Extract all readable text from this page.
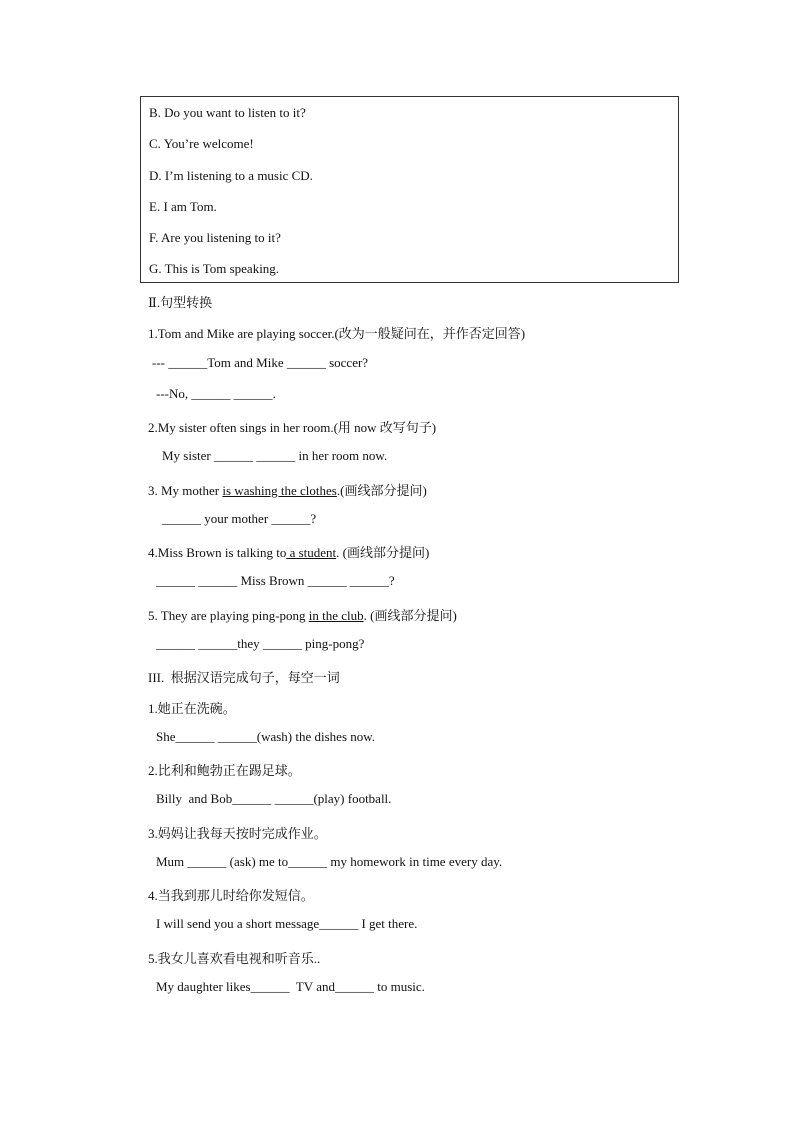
B. Do you want to listen to it?
C. You’re welcome!
D. I’m listening to a music CD.
E. I am Tom.
F. Are you listening to it?
G. This is Tom speaking.
Ⅱ.句型转换
1.Tom and Mike are playing soccer.(改为一般疑问在，并作否定回答)
--- ______Tom and Mike ______ soccer?
---No, ______ ______.
2.My sister often sings in her room.(用 now 改写句子)
My sister ______ ______ in her room now.
3. My mother is washing the clothes.(画线部分提问)
______ your mother ______?
4.Miss Brown is talking to a student. (画线部分提问)
______ ______ Miss Brown ______ ______?
5. They are playing ping-pong in the club. (画线部分提问)
______ ______they ______ ping-pong?
III.  根据汉语完成句子，每空一词
1.她正在洗碗。
She______ ______(wash) the dishes now.
2.比利和鲍勃正在踢足球。
Billy  and Bob______ ______(play) football.
3.妈妈让我每天按时完成作业。
Mum ______ (ask) me to______ my homework in time every day.
4.当我到那儿时给你发短信。
I will send you a short message______ I get there.
5.我女儿喜欢看电视和听音乐..
My daughter likes______  TV and______ to music.
